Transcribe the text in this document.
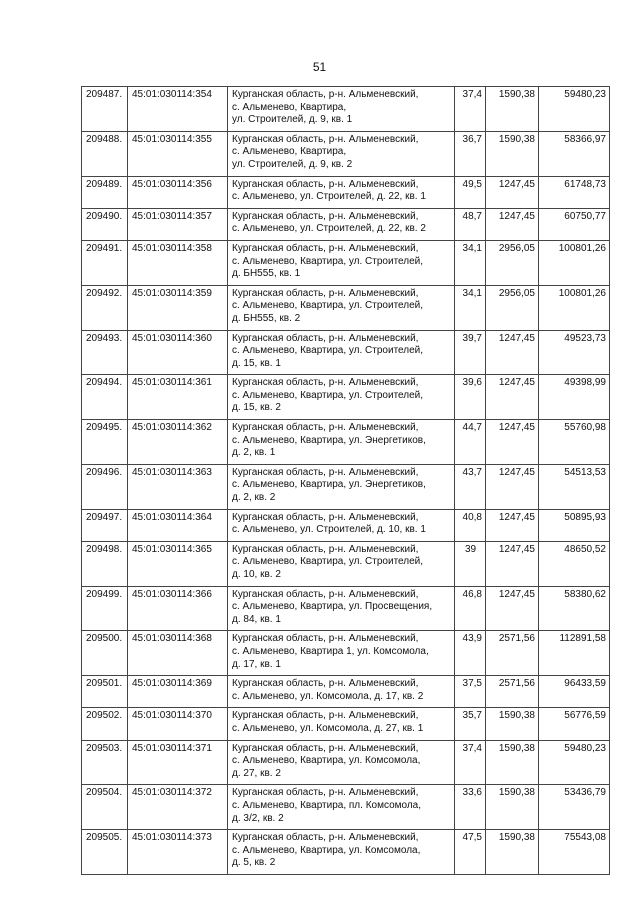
51
209487.	45:01:030114:354	Курганская область, р-н. Альменевский,
с. Альменево, Квартира,
ул. Строителей, д. 9, кв. 1	37,4	1590,38	59480,23
209488.	45:01:030114:355	Курганская область, р-н. Альменевский,
с. Альменево, Квартира,
ул. Строителей, д. 9, кв. 2	36,7	1590,38	58366,97
209489.	45:01:030114:356	Курганская область, р-н. Альменевский,
с. Альменево, ул. Строителей, д. 22, кв. 1	49,5	1247,45	61748,73
209490.	45:01:030114:357	Курганская область, р-н. Альменевский,
с. Альменево, ул. Строителей, д. 22, кв. 2	48,7	1247,45	60750,77
209491.	45:01:030114:358	Курганская область, р-н. Альменевский,
с. Альменево, Квартира, ул. Строителей,
д. БН555, кв. 1	34,1	2956,05	100801,26
209492.	45:01:030114:359	Курганская область, р-н. Альменевский,
с. Альменево, Квартира, ул. Строителей,
д. БН555, кв. 2	34,1	2956,05	100801,26
209493.	45:01:030114:360	Курганская область, р-н. Альменевский,
с. Альменево, Квартира, ул. Строителей,
д. 15, кв. 1	39,7	1247,45	49523,73
209494.	45:01:030114:361	Курганская область, р-н. Альменевский,
с. Альменево, Квартира, ул. Строителей,
д. 15, кв. 2	39,6	1247,45	49398,99
209495.	45:01:030114:362	Курганская область, р-н. Альменевский,
с. Альменево, Квартира, ул. Энергетиков,
д. 2, кв. 1	44,7	1247,45	55760,98
209496.	45:01:030114:363	Курганская область, р-н. Альменевский,
с. Альменево, Квартира, ул. Энергетиков,
д. 2, кв. 2	43,7	1247,45	54513,53
209497.	45:01:030114:364	Курганская область, р-н. Альменевский,
с. Альменево, ул. Строителей, д. 10, кв. 1	40,8	1247,45	50895,93
209498.	45:01:030114:365	Курганская область, р-н. Альменевский,
с. Альменево, Квартира, ул. Строителей,
д. 10, кв. 2	39	1247,45	48650,52
209499.	45:01:030114:366	Курганская область, р-н. Альменевский,
с. Альменево, Квартира, ул. Просвещения,
д. 84, кв. 1	46,8	1247,45	58380,62
209500.	45:01:030114:368	Курганская область, р-н. Альменевский,
с. Альменево, Квартира 1, ул. Комсомола,
д. 17, кв. 1	43,9	2571,56	112891,58
209501.	45:01:030114:369	Курганская область, р-н. Альменевский,
с. Альменево, ул. Комсомола, д. 17, кв. 2	37,5	2571,56	96433,59
209502.	45:01:030114:370	Курганская область, р-н. Альменевский,
с. Альменево, ул. Комсомола, д. 27, кв. 1	35,7	1590,38	56776,59
209503.	45:01:030114:371	Курганская область, р-н. Альменевский,
с. Альменево, Квартира, ул. Комсомола,
д. 27, кв. 2	37,4	1590,38	59480,23
209504.	45:01:030114:372	Курганская область, р-н. Альменевский,
с. Альменево, Квартира, пл. Комсомола,
д. 3/2, кв. 2	33,6	1590,38	53436,79
209505.	45:01:030114:373	Курганская область, р-н. Альменевский,
с. Альменево, Квартира, ул. Комсомола,
д. 5, кв. 2	47,5	1590,38	75543,08
